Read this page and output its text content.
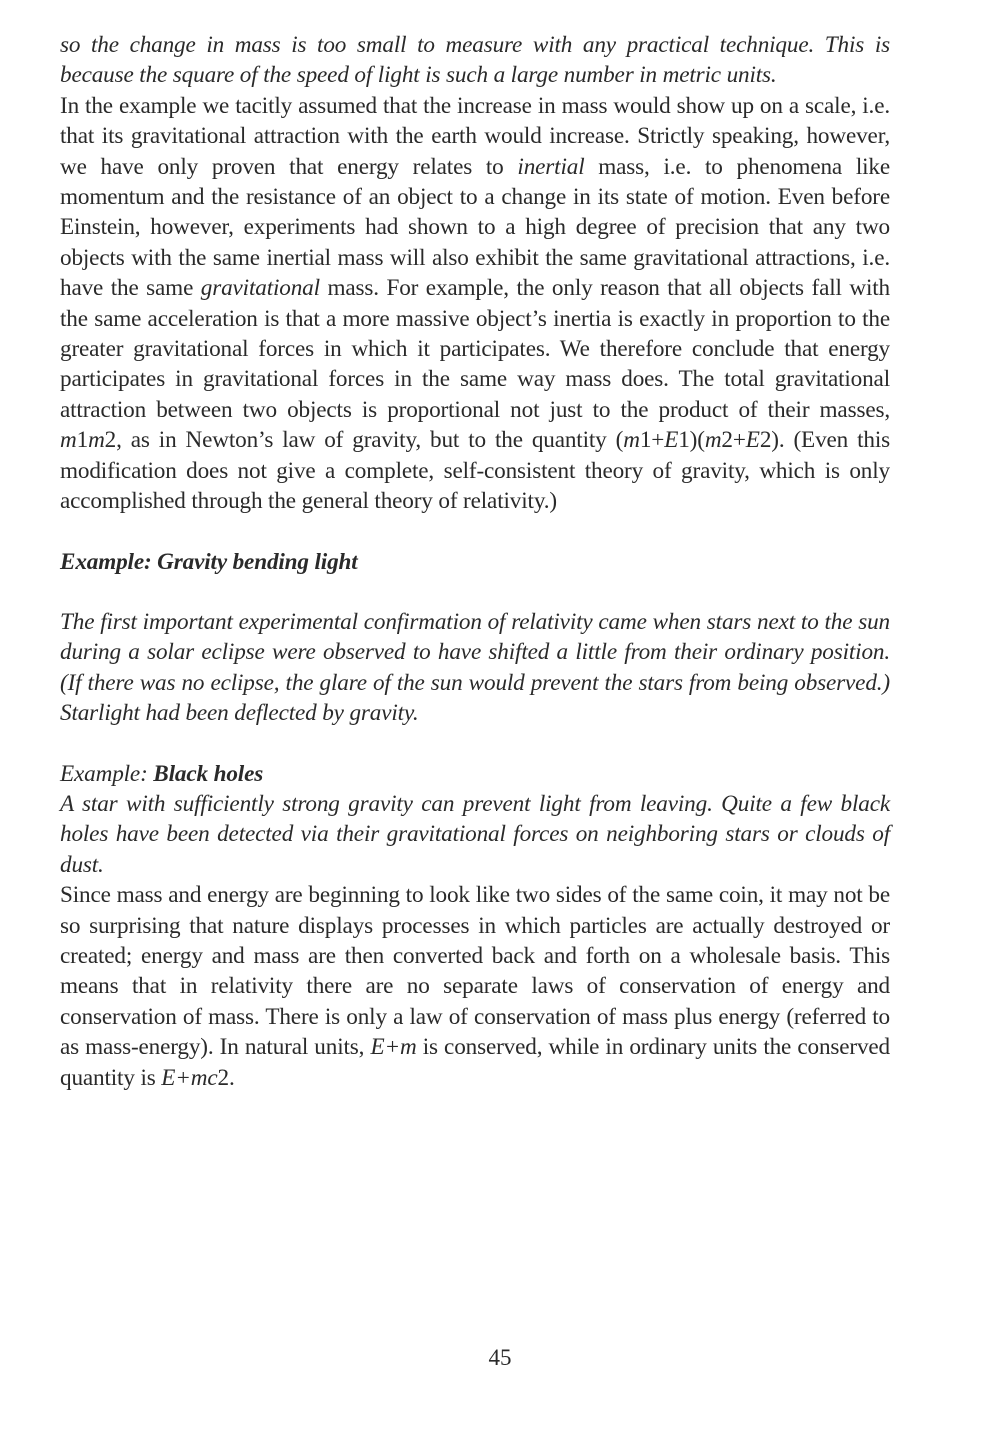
so the change in mass is too small to measure with any practical technique. This is because the square of the speed of light is such a large number in metric units.

In the example we tacitly assumed that the increase in mass would show up on a scale, i.e. that its gravitational attraction with the earth would increase. Strictly speaking, however, we have only proven that energy relates to inertial mass, i.e. to phenomena like momentum and the resistance of an object to a change in its state of motion. Even before Einstein, however, experiments had shown to a high degree of precision that any two objects with the same inertial mass will also exhibit the same gravitational attractions, i.e. have the same gravitational mass. For example, the only reason that all objects fall with the same acceleration is that a more massive object’s inertia is exactly in proportion to the greater gravitational forces in which it participates. We therefore conclude that energy participates in gravitational forces in the same way mass does. The total gravitational attraction between two objects is proportional not just to the product of their masses, m1m2, as in Newton’s law of gravity, but to the quantity (m1+E1)(m2+E2). (Even this modification does not give a complete, self-consistent theory of gravity, which is only accomplished through the general theory of relativity.)

Example: Gravity bending light

The first important experimental confirmation of relativity came when stars next to the sun during a solar eclipse were observed to have shifted a little from their ordinary position. (If there was no eclipse, the glare of the sun would prevent the stars from being observed.) Starlight had been deflected by gravity.

Example: Black holes

A star with sufficiently strong gravity can prevent light from leaving. Quite a few black holes have been detected via their gravitational forces on neighboring stars or clouds of dust.

Since mass and energy are beginning to look like two sides of the same coin, it may not be so surprising that nature displays processes in which particles are actually destroyed or created; energy and mass are then converted back and forth on a wholesale basis. This means that in relativity there are no separate laws of conservation of energy and conservation of mass. There is only a law of conservation of mass plus energy (referred to as mass-energy). In natural units, E+m is conserved, while in ordinary units the conserved quantity is E+mc2.

45
